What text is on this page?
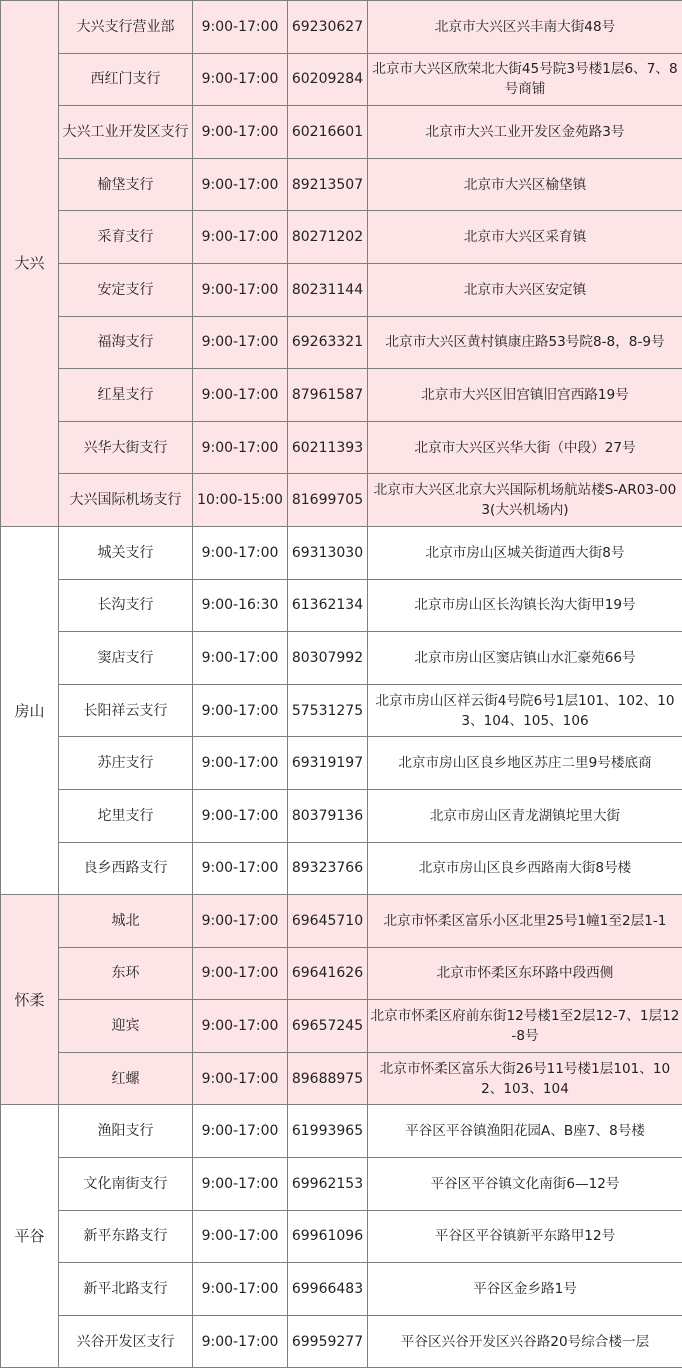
大兴	大兴支行营业部	9:00-17:00	69230627	北京市大兴区兴丰南大街48号
	西红门支行	9:00-17:00	60209284	北京市大兴区欣荣北大街45号院3号楼1层6、7、8号商铺
	大兴工业开发区支行	9:00-17:00	60216601	北京市大兴工业开发区金苑路3号
	榆垡支行	9:00-17:00	89213507	北京市大兴区榆垡镇
	采育支行	9:00-17:00	80271202	北京市大兴区采育镇
	安定支行	9:00-17:00	80231144	北京市大兴区安定镇
	福海支行	9:00-17:00	69263321	北京市大兴区黄村镇康庄路53号院8-8，8-9号
	红星支行	9:00-17:00	87961587	北京市大兴区旧宫镇旧宫西路19号
	兴华大街支行	9:00-17:00	60211393	北京市大兴区兴华大街（中段）27号
	大兴国际机场支行	10:00-15:00	81699705	北京市大兴区北京大兴国际机场航站楼S-AR03-003(大兴机场内)
房山	城关支行	9:00-17:00	69313030	北京市房山区城关街道西大街8号
	长沟支行	9:00-16:30	61362134	北京市房山区长沟镇长沟大街甲19号
	窦店支行	9:00-17:00	80307992	北京市房山区窦店镇山水汇豪苑66号
	长阳祥云支行	9:00-17:00	57531275	北京市房山区祥云街4号院6号1层101、102、103、104、105、106
	苏庄支行	9:00-17:00	69319197	北京市房山区良乡地区苏庄二里9号楼底商
	坨里支行	9:00-17:00	80379136	北京市房山区青龙湖镇坨里大街
	良乡西路支行	9:00-17:00	89323766	北京市房山区良乡西路南大街8号楼
怀柔	城北	9:00-17:00	69645710	北京市怀柔区富乐小区北里25号1幢1至2层1-1
	东环	9:00-17:00	69641626	北京市怀柔区东环路中段西侧
	迎宾	9:00-17:00	69657245	北京市怀柔区府前东街12号楼1至2层12-7、1层12-8号
	红螺	9:00-17:00	89688975	北京市怀柔区富乐大街26号11号楼1层101、102、103、104
平谷	渔阳支行	9:00-17:00	61993965	平谷区平谷镇渔阳花园A、B座7、8号楼
	文化南街支行	9:00-17:00	69962153	平谷区平谷镇文化南街6—12号
	新平东路支行	9:00-17:00	69961096	平谷区平谷镇新平东路甲12号
	新平北路支行	9:00-17:00	69966483	平谷区金乡路1号
	兴谷开发区支行	9:00-17:00	69959277	平谷区兴谷开发区兴谷路20号综合楼一层
